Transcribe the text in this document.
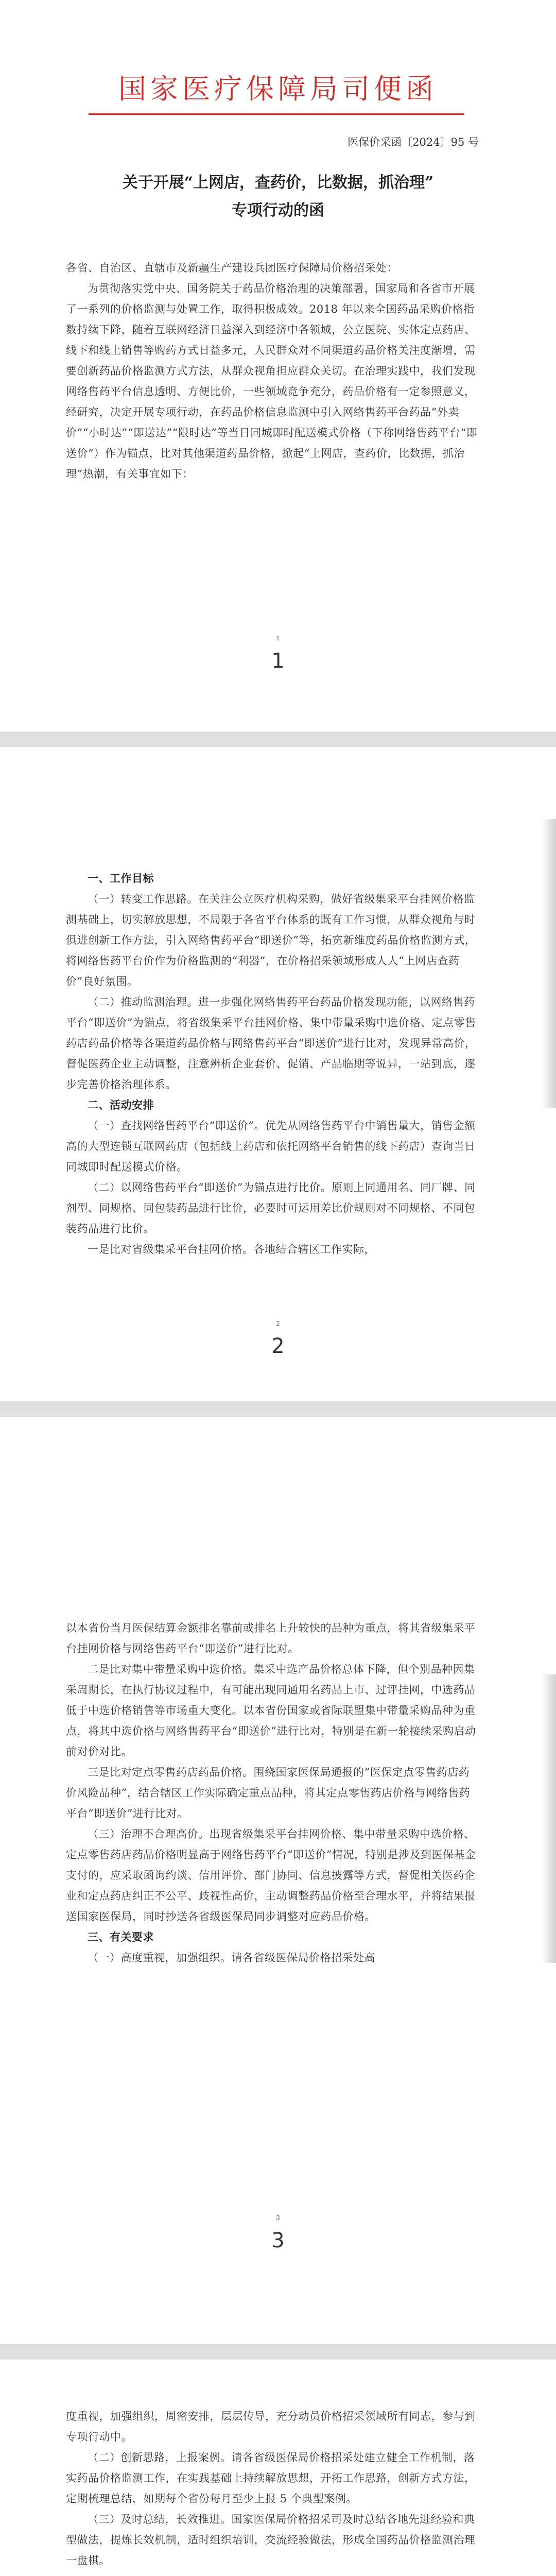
国家医疗保障局司便函
医保价采函〔2024〕95 号
关于开展“上网店，查药价，比数据，抓治理”
专项行动的函

各省、自治区、直辖市及新疆生产建设兵团医疗保障局价格招采处：

为贯彻落实党中央、国务院关于药品价格治理的决策部署，国家局和各省市开展了一系列的价格监测与处置工作，取得积极成效。2018 年以来全国药品采购价格指数持续下降，随着互联网经济日益深入到经济中各领域，公立医院、实体定点药店、线下和线上销售等购药方式日益多元，人民群众对不同渠道药品价格关注度渐增，需要创新药品价格监测方式方法，从群众视角担应群众关切。在治理实践中，我们发现网络售药平台信息透明、方便比价，一些领域竞争充分，药品价格有一定参照意义，经研究，决定开展专项行动，在药品价格信息监测中引入网络售药平台药品“外卖价”“小时达”“即送达”“限时达”等当日同城即时配送模式价格（下称网络售药平台“即送价”）作为锚点，比对其他渠道药品价格，掀起“上网店，查药价，比数据，抓治理”热潮，有关事宜如下：

1
1

一、工作目标

（一）转变工作思路。在关注公立医疗机构采购，做好省级集采平台挂网价格监测基础上，切实解放思想，不局限于各省平台体系的既有工作习惯，从群众视角与时俱进创新工作方法，引入网络售药平台“即送价”等，拓宽新维度药品价格监测方式，将网络售药平台价作为价格监测的“利器”，在价格招采领域形成人人“上网店查药价”良好氛围。

（二）推动监测治理。进一步强化网络售药平台药品价格发现功能，以网络售药平台“即送价”为锚点，将省级集采平台挂网价格、集中带量采购中选价格、定点零售药店药品价格等各渠道药品价格与网络售药平台“即送价”进行比对，发现异常高价，督促医药企业主动调整，注意辨析企业套价、促销、产品临期等说异，一站到底，逐步完善价格治理体系。

二、活动安排

（一）查找网络售药平台“即送价”。优先从网络售药平台中销售量大，销售金额高的大型连锁互联网药店（包括线上药店和依托网络平台销售的线下药店）查询当日同城即时配送模式价格。

（二）以网络售药平台“即送价”为锚点进行比价。原则上同通用名、同厂牌、同剂型、同规格、同包装药品进行比价，必要时可运用差比价规则对不同规格、不同包装药品进行比价。

一是比对省级集采平台挂网价格。各地结合辖区工作实际，

2
2

以本省份当月医保结算金额排名靠前或排名上升较快的品种为重点，将其省级集采平台挂网价格与网络售药平台“即送价”进行比对。

二是比对集中带量采购中选价格。集采中选产品价格总体下降，但个别品种因集采周期长，在执行协议过程中，有可能出现同通用名药品上市、过评挂网，中选药品低于中选价格销售等市场重大变化。以本省份国家或省际联盟集中带量采购品种为重点，将其中选价格与网络售药平台“即送价”进行比对，特别是在新一轮接续采购启动前对价对比。

三是比对定点零售药店药品价格。围绕国家医保局通报的“医保定点零售药店药价风险品种”，结合辖区工作实际确定重点品种，将其定点零售药店价格与网络售药平台“即送价”进行比对。

（三）治理不合理高价。出现省级集采平台挂网价格、集中带量采购中选价格、定点零售药店药品价格明显高于网络售药平台“即送价”情况，特别是涉及到医保基金支付的，应采取函询约谈、信用评价、部门协同、信息披露等方式，督促相关医药企业和定点药店纠正不公平、歧视性高价，主动调整药品价格至合理水平，并将结果报送国家医保局，同时抄送各省级医保局同步调整对应药品价格。

三、有关要求

（一）高度重视，加强组织。请各省级医保局价格招采处高

3
3

度重视，加强组织，周密安排，层层传导，充分动员价格招采领域所有同志，参与到专项行动中。

（二）创新思路，上报案例。请各省级医保局价格招采处建立健全工作机制，落实药品价格监测工作，在实践基础上持续解放思想，开拓工作思路，创新方式方法，定期梳理总结，如期每个省份每月至少上报 5 个典型案例。

（三）及时总结，长效推进。国家医保局价格招采司及时总结各地先进经验和典型做法，提炼长效机制，适时组织培训，交流经验做法，形成全国药品价格监测治理一盘棋。
